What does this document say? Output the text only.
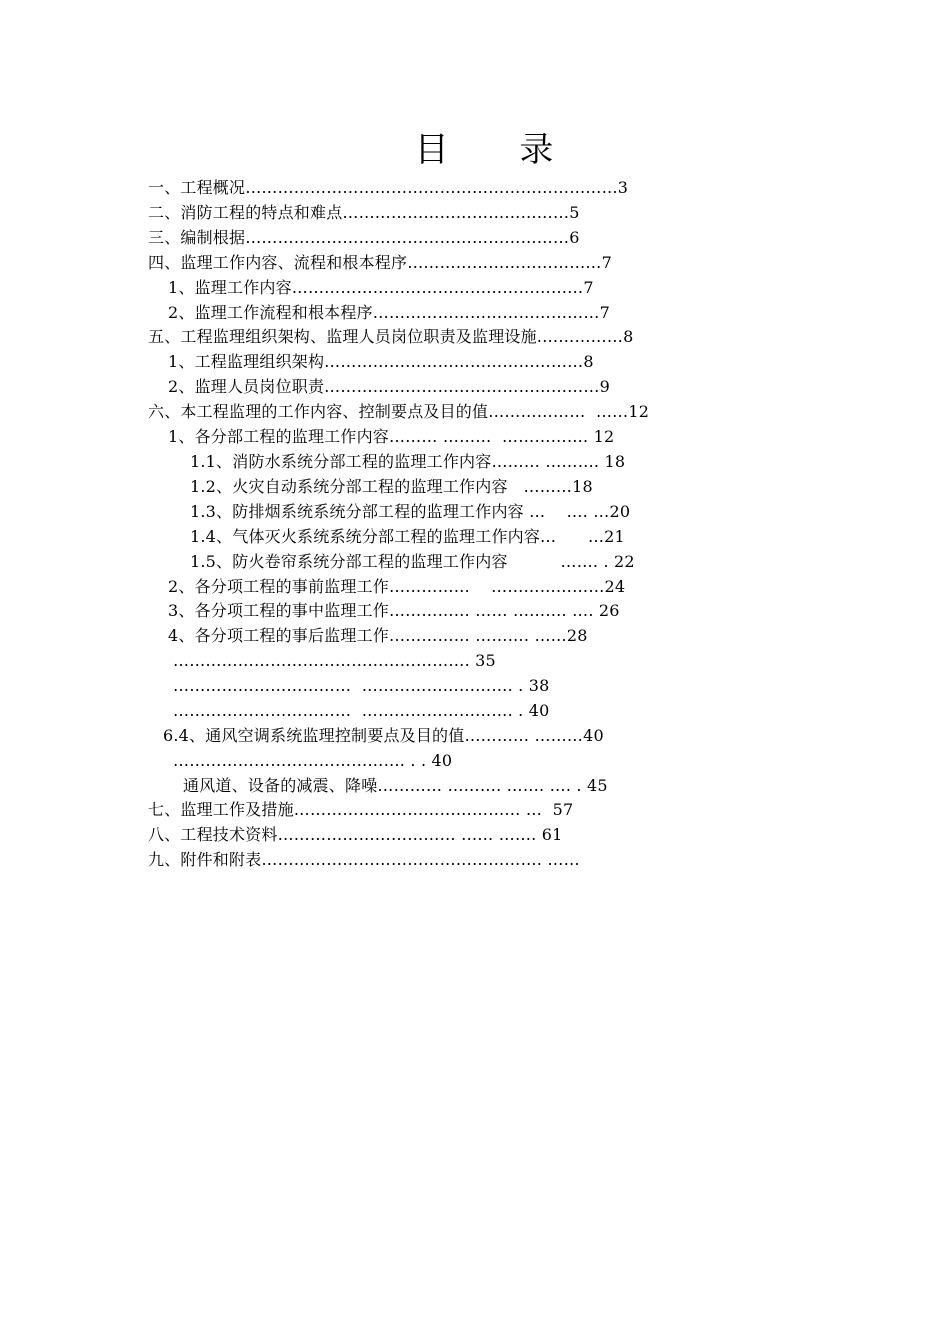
目 录
一、工程概况……………………………………………………………3
二、消防工程的特点和难点……………………………………5
三、编制根据……………………………………………………6
四、监理工作内容、流程和根本程序………………………………7
1、监理工作内容………………………………………………7
2、监理工作流程和根本程序……………………………………7
五、工程监理组织架构、监理人员岗位职责及监理设施.……………8
1、工程监理组织架构…………………………………………8
2、监理人员岗位职责……………………………………………9
六、本工程监理的工作内容、控制要点及目的值………………  ……12
1、各分部工程的监理工作内容……… ………  ……………. 12
1.1、消防水系统分部工程的监理工作内容……… ………. 18
1.2、火灾自动系统分部工程的监理工作内容   ………18
1.3、防排烟系统系统分部工程的监理工作内容 …    …. …20
1.4、气体灭火系统系统分部工程的监理工作内容…      …21
1.5、防火卷帘系统分部工程的监理工作内容          ……. . 22
2、各分项工程的事前监理工作……………    …………………24
3、各分项工程的事中监理工作…………… …… ………. …. 26
4、各分项工程的事后监理工作…………… ………. ……28
………………………………………………. 35
……………………………  ………………………. . 38
……………………………  ………………………. . 40
6.4、通风空调系统监理控制要点及目的值………… ………40
……………………………………. . . 40
通风道、设备的减震、降噪………… ………. ……. …. . 45
七、监理工作及措施…………………………………… …  57
八、工程技术资料…………………………… …… ……. 61
九、附件和附表……………………………………………. ……
